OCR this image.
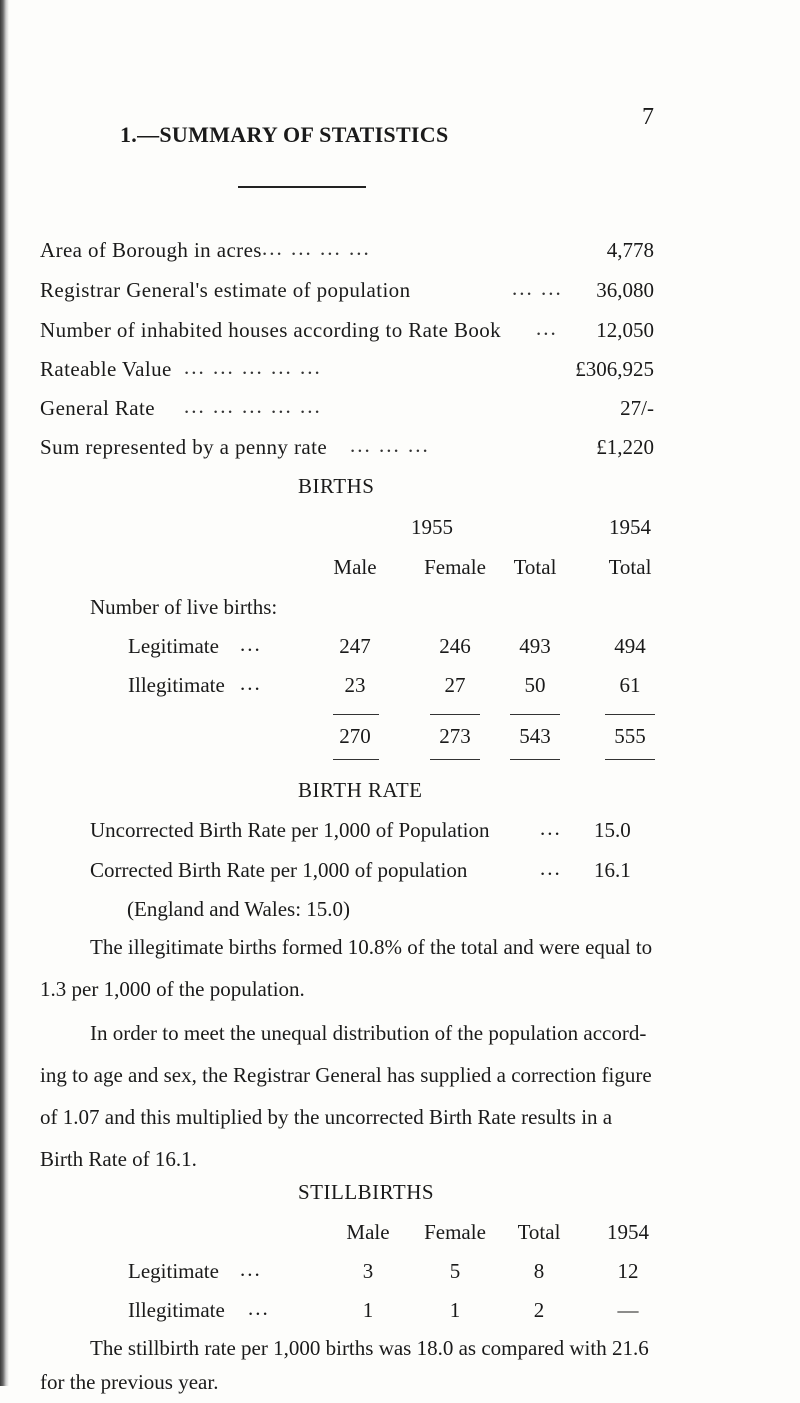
7
1.—SUMMARY OF STATISTICS
Area of Borough in acres ... ... ... ...	4,778
Registrar General's estimate of population	... ... 36,080
Number of inhabited houses according to Rate Book ... 12,050
Rateable Value ... ... ... ... ...	£306,925
General Rate ... ... ... ... ...	27/-
Sum represented by a penny rate ... ... ...	£1,220
BIRTHS
1955	1954
Male	Female	Total	Total
Number of live births:
Legitimate ...	247	246	493	494
Illegitimate ...	23	27	50	61
270	273	543	555
BIRTH RATE
Uncorrected Birth Rate per 1,000 of Population ... 15.0
Corrected Birth Rate per 1,000 of population	... 16.1
(England and Wales: 15.0)
The illegitimate births formed 10.8% of the total and were equal to
1.3 per 1,000 of the population.
In order to meet the unequal distribution of the population accord-
ing to age and sex, the Registrar General has supplied a correction figure
of 1.07 and this multiplied by the uncorrected Birth Rate results in a
Birth Rate of 16.1.
STILLBIRTHS
Male	Female	Total	1954
Legitimate ...	3	5	8	12
Illegitimate ...	1	1	2	—
The stillbirth rate per 1,000 births was 18.0 as compared with 21.6
for the previous year.
